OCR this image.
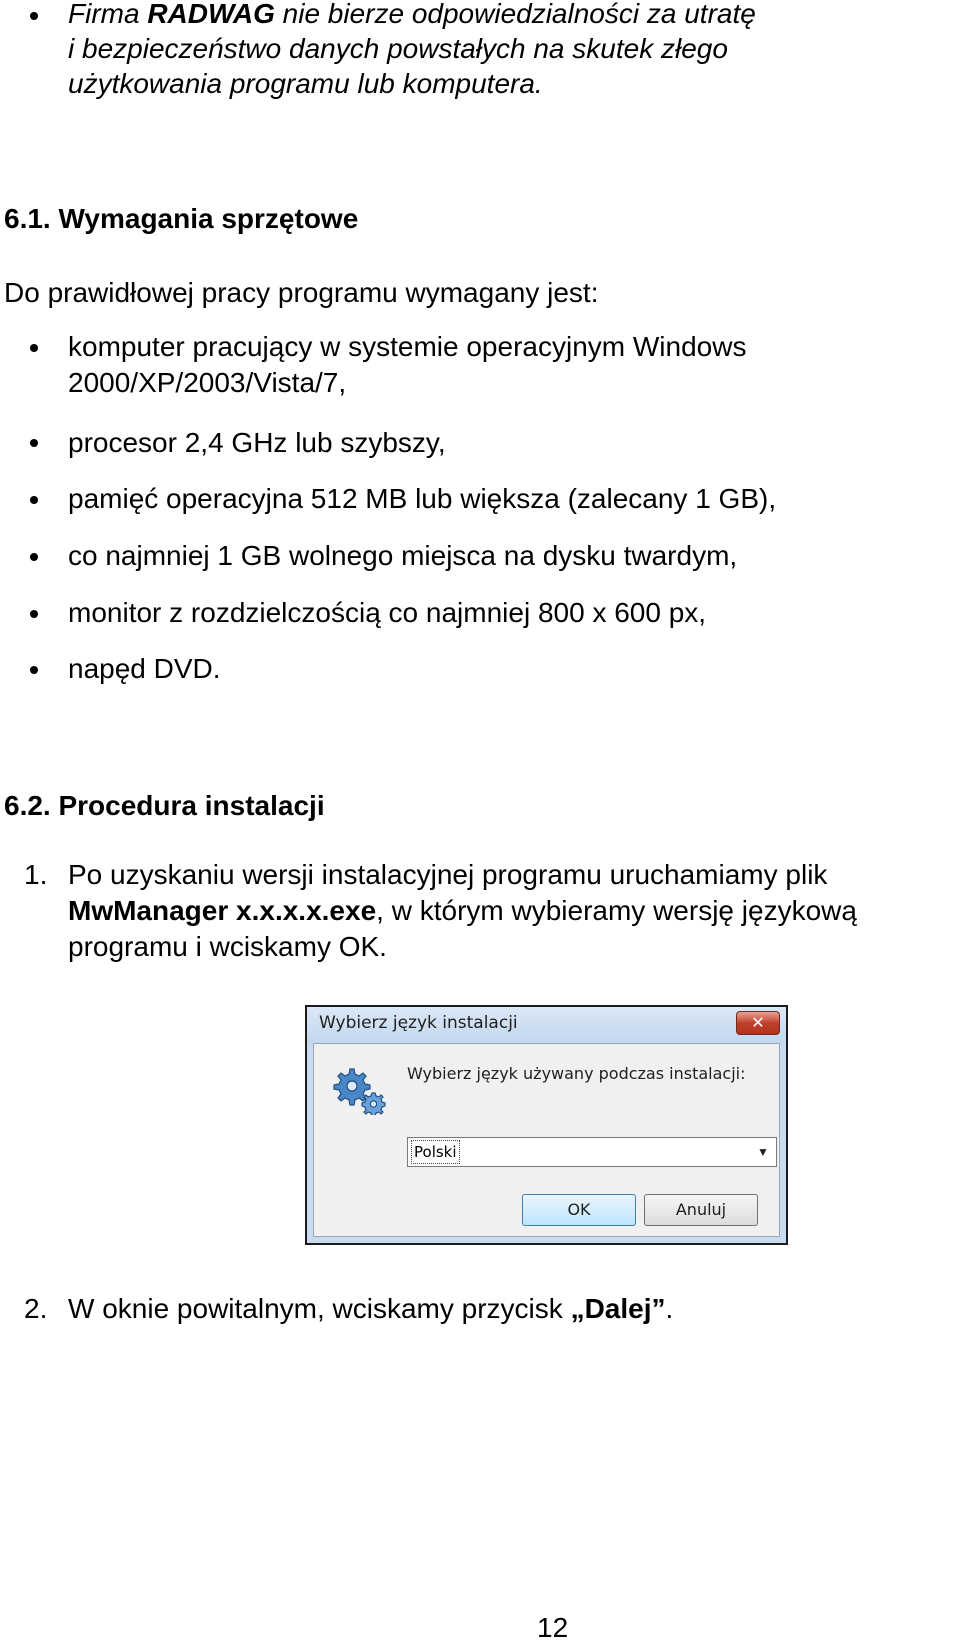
Firma RADWAG nie bierze odpowiedzialności za utratę
i bezpieczeństwo danych powstałych na skutek złego
użytkowania programu lub komputera.
6.1. Wymagania sprzętowe
Do prawidłowej pracy programu wymagany jest:
komputer pracujący w systemie operacyjnym Windows
2000/XP/2003/Vista/7,
procesor 2,4 GHz lub szybszy,
pamięć operacyjna 512 MB lub większa (zalecany 1 GB),
co najmniej 1 GB wolnego miejsca na dysku twardym,
monitor z rozdzielczością co najmniej 800 x 600 px,
napęd DVD.
6.2. Procedura instalacji
1. Po uzyskaniu wersji instalacyjnej programu uruchamiamy plik
MwManager x.x.x.x.exe, w którym wybieramy wersję językową
programu i wciskamy OK.
Wybierz język instalacji	✕
Wybierz język używany podczas instalacji:
Polski	▼
OK	Anuluj
2. W oknie powitalnym, wciskamy przycisk „Dalej”.
12
